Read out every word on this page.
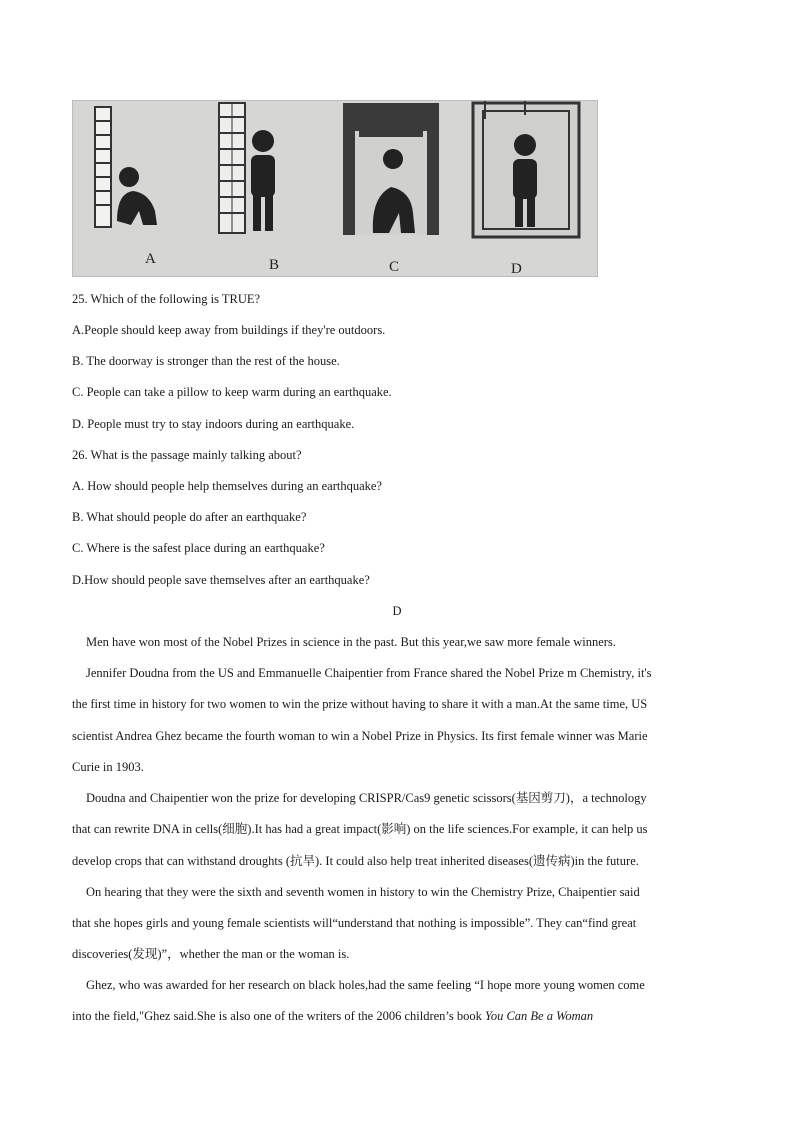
A	B	C	D
25. Which of the following is TRUE?
A.People should keep away from buildings if they're outdoors.
B. The doorway is stronger than the rest of the house.
C. People can take a pillow to keep warm during an earthquake.
D. People must try to stay indoors during an earthquake.
26. What is the passage mainly talking about?
A. How should people help themselves during an earthquake?
B. What should people do after an earthquake?
C. Where is the safest place during an earthquake?
D.How should people save themselves after an earthquake?
D
Men have won most of the Nobel Prizes in science in the past. But this year,we saw more female winners.
Jennifer Doudna from the US and Emmanuelle Chaipentier from France shared the Nobel Prize m Chemistry, it's
the first time in history for two women to win the prize without having to share it with a man.At the same time, US
scientist Andrea Ghez became the fourth woman to win a Nobel Prize in Physics. Its first female winner was Marie
Curie in 1903.
Doudna and Chaipentier won the prize for developing CRISPR/Cas9 genetic scissors(基因剪刀)，a technology
that can rewrite DNA in cells(细胞).It has had a great impact(影响) on the life sciences.For example, it can help us
develop crops that can withstand droughts (抗旱). It could also help treat inherited diseases(遗传病)in the future.
On hearing that they were the sixth and seventh women in history to win the Chemistry Prize, Chaipentier said
that she hopes girls and young female scientists will“understand that nothing is impossible”. They can“find great
discoveries(发现)”，whether the man or the woman is.
Ghez, who was awarded for her research on black holes,had the same feeling “I hope more young women come
into the field,"Ghez said.She is also one of the writers of the 2006 children’s book You Can Be a Woman
